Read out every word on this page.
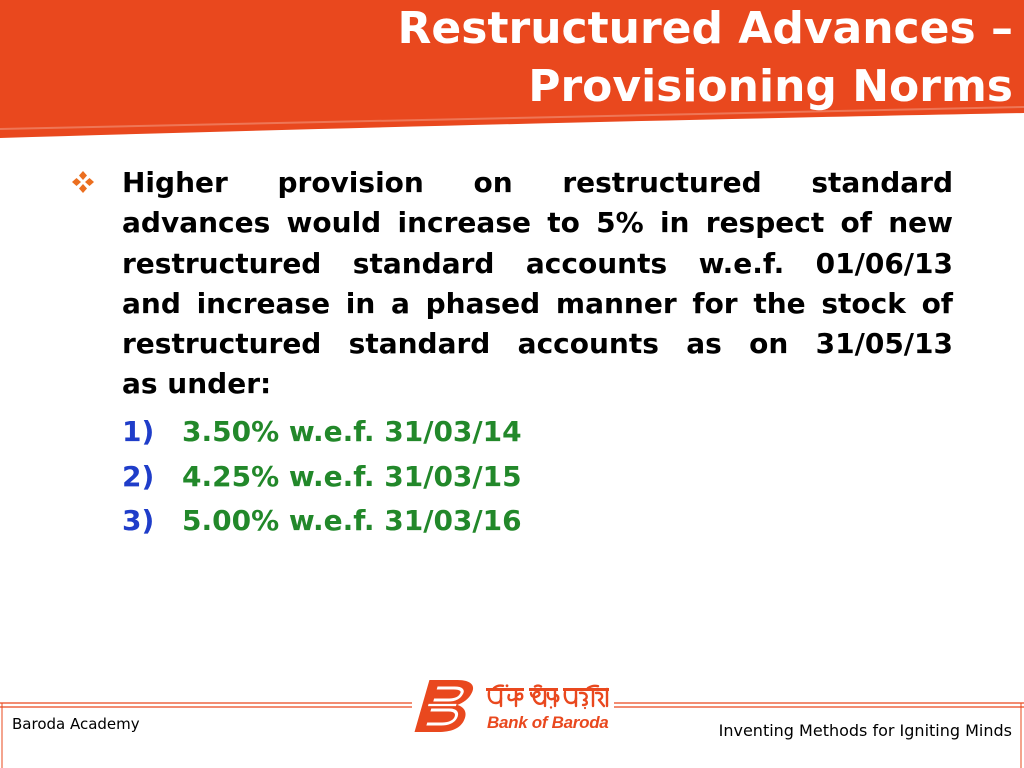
Restructured Advances –
Provisioning Norms
Higher provision on restructured standard
advances would increase to 5% in respect of new
restructured standard accounts w.e.f. 01/06/13
and increase in a phased manner for the stock of
restructured standard accounts as on 31/05/13
as under:
1) 3.50% w.e.f. 31/03/14
2) 4.25% w.e.f. 31/03/15
3) 5.00% w.e.f. 31/03/16
Baroda Academy	Bank of Baroda	Inventing Methods for Igniting Minds
